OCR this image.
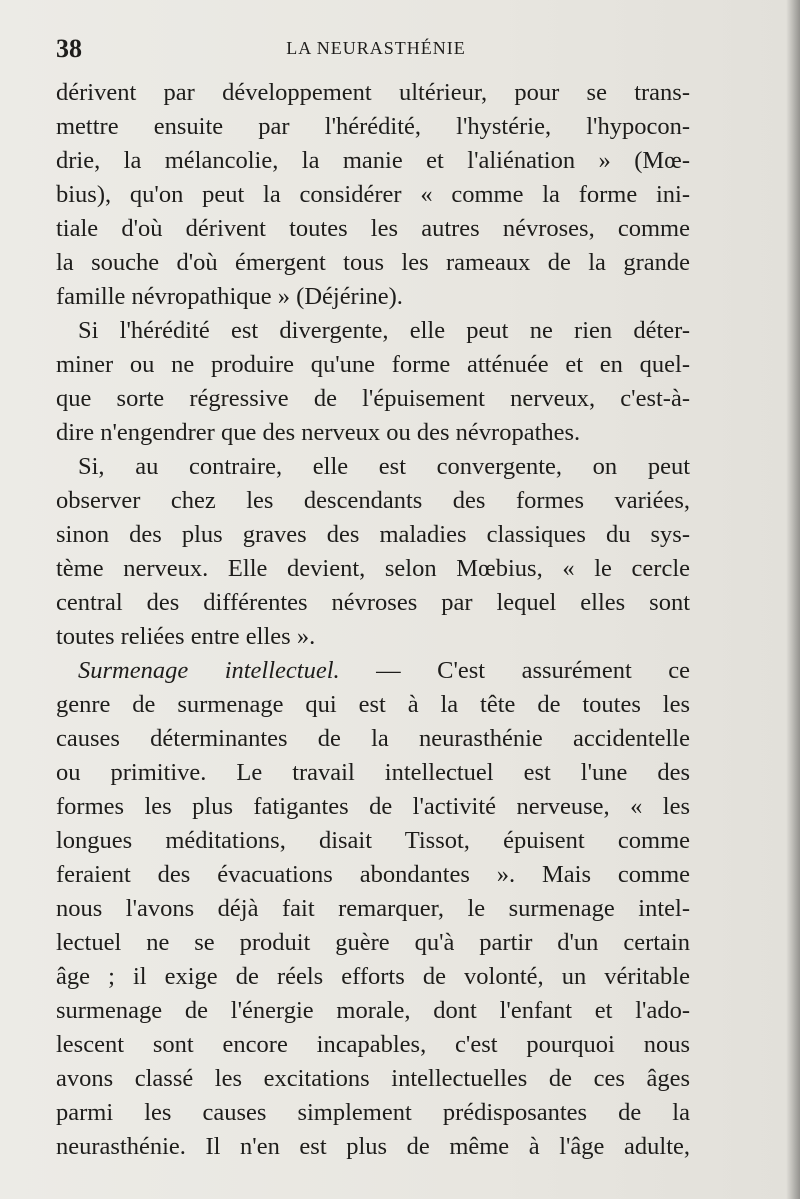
38	LA NEURASTHÉNIE
dérivent par développement ultérieur, pour se trans-
mettre ensuite par l'hérédité, l'hystérie, l'hypocon-
drie, la mélancolie, la manie et l'aliénation » (Mœ-
bius), qu'on peut la considérer « comme la forme ini-
tiale d'où dérivent toutes les autres névroses, comme
la souche d'où émergent tous les rameaux de la grande
famille névropathique » (Déjérine).
Si l'hérédité est divergente, elle peut ne rien déter-
miner ou ne produire qu'une forme atténuée et en quel-
que sorte régressive de l'épuisement nerveux, c'est-à-
dire n'engendrer que des nerveux ou des névropathes.
Si, au contraire, elle est convergente, on peut
observer chez les descendants des formes variées,
sinon des plus graves des maladies classiques du sys-
tème nerveux. Elle devient, selon Mœbius, « le cercle
central des différentes névroses par lequel elles sont
toutes reliées entre elles ».
Surmenage intellectuel. — C'est assurément ce
genre de surmenage qui est à la tête de toutes les
causes déterminantes de la neurasthénie accidentelle
ou primitive. Le travail intellectuel est l'une des
formes les plus fatigantes de l'activité nerveuse, « les
longues méditations, disait Tissot, épuisent comme
feraient des évacuations abondantes ». Mais comme
nous l'avons déjà fait remarquer, le surmenage intel-
lectuel ne se produit guère qu'à partir d'un certain
âge ; il exige de réels efforts de volonté, un véritable
surmenage de l'énergie morale, dont l'enfant et l'ado-
lescent sont encore incapables, c'est pourquoi nous
avons classé les excitations intellectuelles de ces âges
parmi les causes simplement prédisposantes de la
neurasthénie. Il n'en est plus de même à l'âge adulte,
